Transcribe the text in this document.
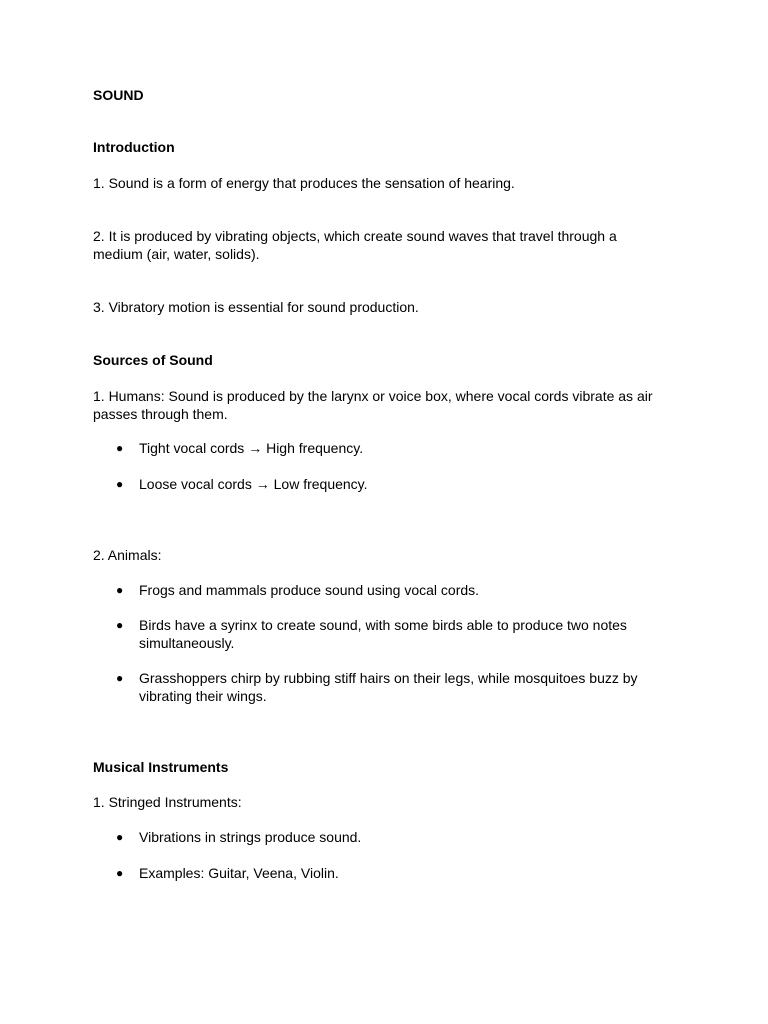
SOUND

Introduction

1. Sound is a form of energy that produces the sensation of hearing.

2. It is produced by vibrating objects, which create sound waves that travel through a medium (air, water, solids).

3. Vibratory motion is essential for sound production.

Sources of Sound

1. Humans: Sound is produced by the larynx or voice box, where vocal cords vibrate as air passes through them.

●	Tight vocal cords → High frequency.

●	Loose vocal cords → Low frequency.

2. Animals:

●	Frogs and mammals produce sound using vocal cords.

●	Birds have a syrinx to create sound, with some birds able to produce two notes simultaneously.

●	Grasshoppers chirp by rubbing stiff hairs on their legs, while mosquitoes buzz by vibrating their wings.

Musical Instruments

1. Stringed Instruments:

●	Vibrations in strings produce sound.

●	Examples: Guitar, Veena, Violin.
